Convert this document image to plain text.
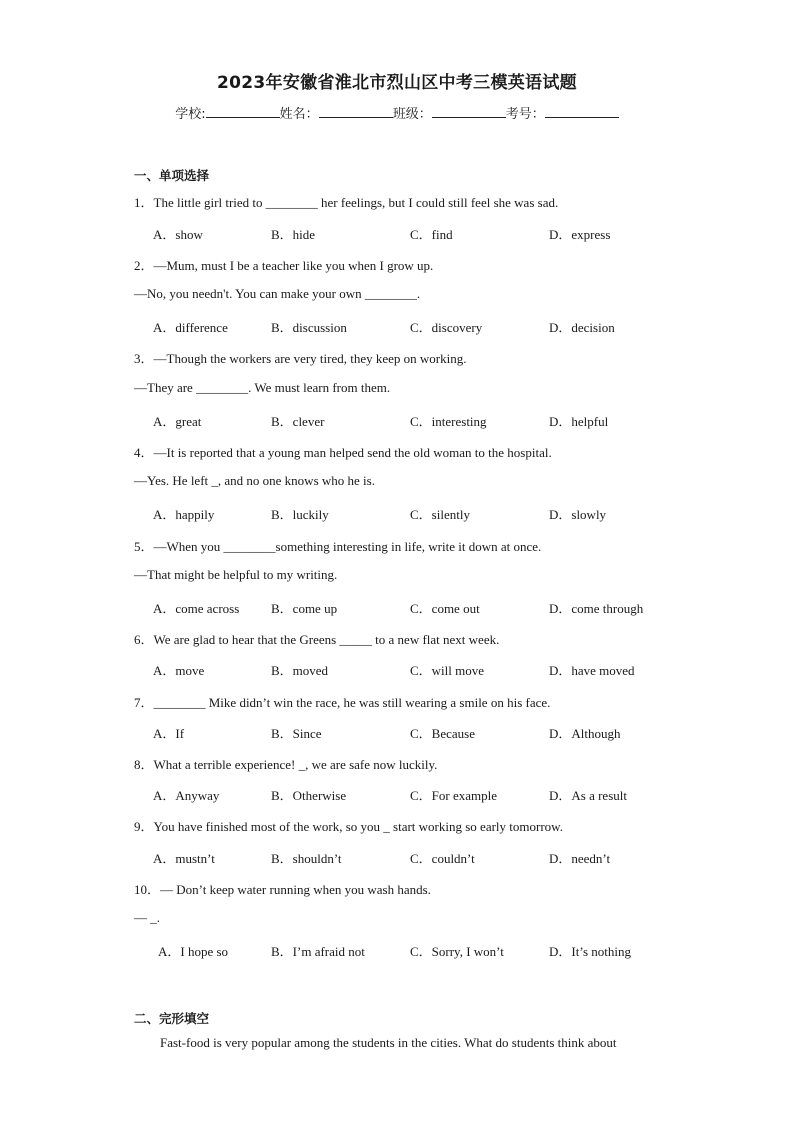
2023年安徽省淮北市烈山区中考三模英语试题
学校:	姓名：	班级：	考号：
一、单项选择
1．The little girl tried to ________ her feelings, but I could still feel she was sad.
A．show	B．hide	C．find	D．express
2．—Mum, must I be a teacher like you when I grow up.
—No, you needn't. You can make your own ________.
A．difference	B．discussion	C．discovery	D．decision
3．—Though the workers are very tired, they keep on working.
—They are ________. We must learn from them.
A．great	B．clever	C．interesting	D．helpful
4．—It is reported that a young man helped send the old woman to the hospital.
—Yes. He left _, and no one knows who he is.
A．happily	B．luckily	C．silently	D．slowly
5．—When you ________something interesting in life, write it down at once.
—That might be helpful to my writing.
A．come across B．come up	C．come out	D．come through
6．We are glad to hear that the Greens _____ to a new flat next week.
A．move	B．moved	C．will move	D．have moved
7．________ Mike didn’t win the race, he was still wearing a smile on his face.
A．If	B．Since	C．Because	D．Although
8．What a terrible experience! _, we are safe now luckily.
A．Anyway	B．Otherwise	C．For example	D．As a result
9．You have finished most of the work, so you _ start working so early tomorrow.
A．mustn’t	B．shouldn’t	C．couldn’t	D．needn’t
10．— Don’t keep water running when you wash hands.
— _.
A．I hope so	B．I’m afraid not	C．Sorry, I won’t	D．It’s nothing
二、完形填空
Fast-food is very popular among the students in the cities. What do students think about
